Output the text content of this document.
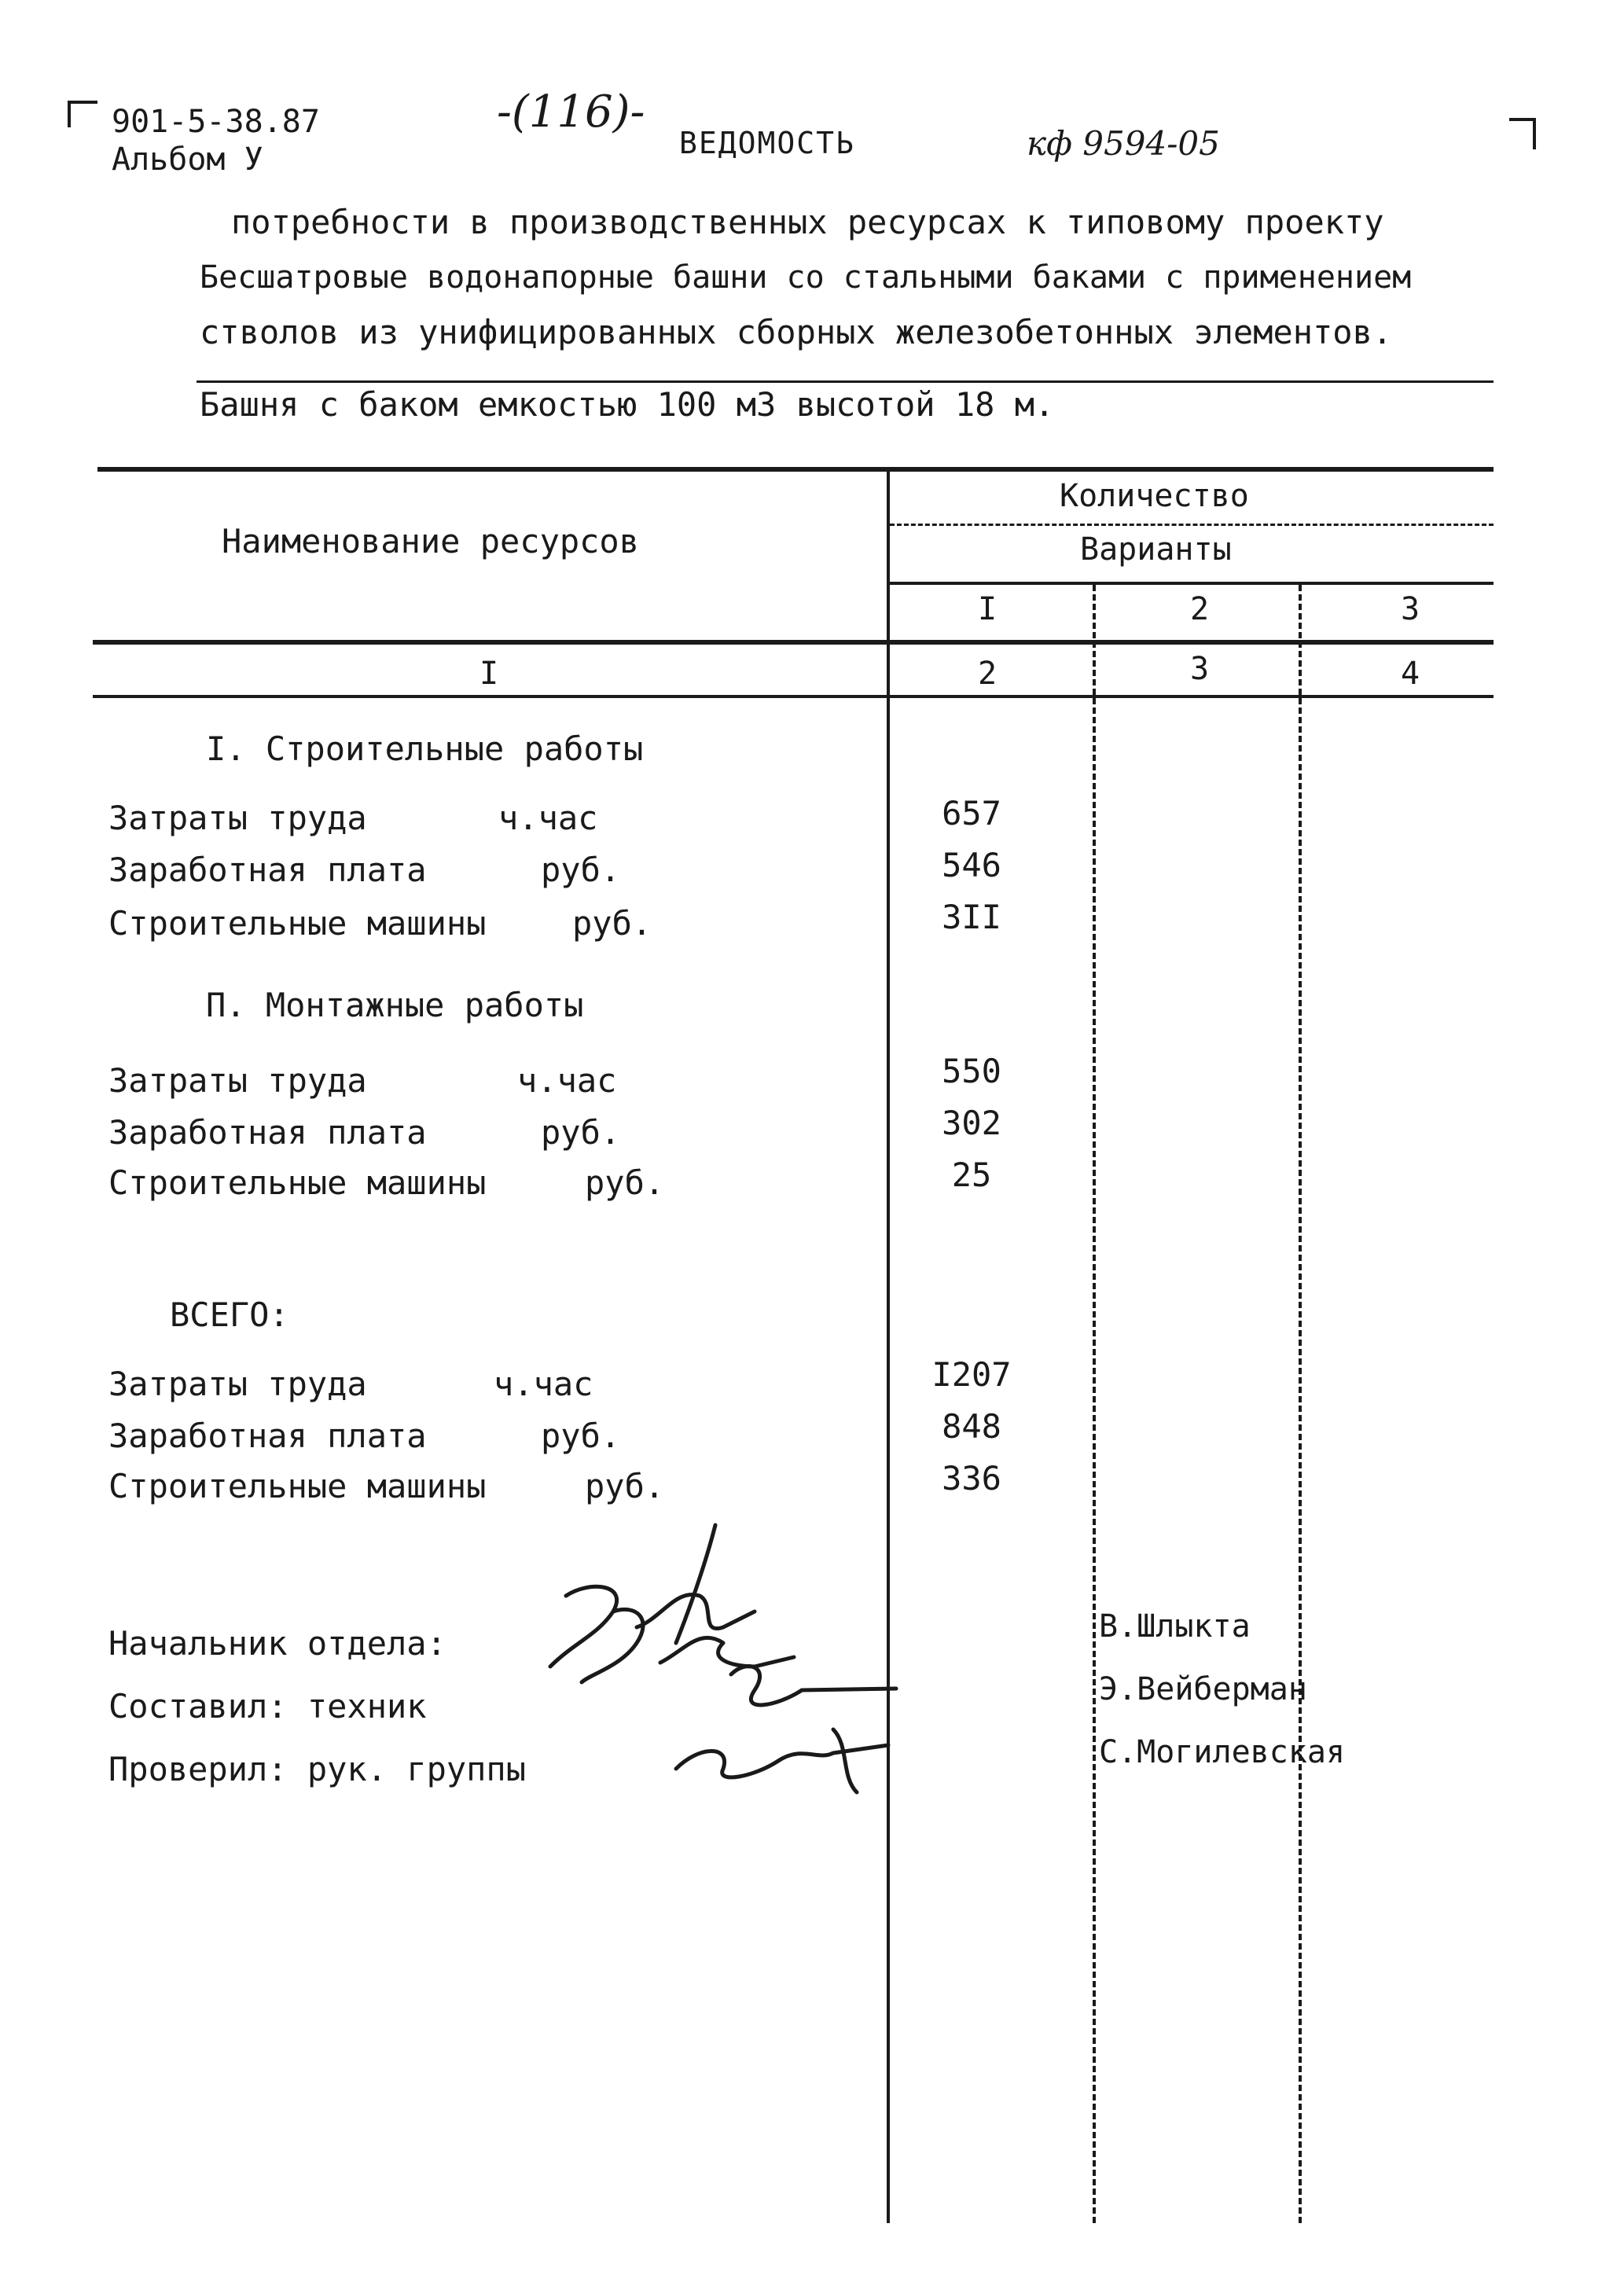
901-5-38.87
Альбом У
-(116)-
ВЕДОМОСТЬ	кф 9594-05
потребности в производственных ресурсах к типовому проекту
Бесшатровые водонапорные башни со стальными баками с применением
стволов из унифицированных сборных железобетонных элементов.
Башня с баком емкостью 100 м3 высотой 18 м.
Наименование ресурсов
Количество
Варианты
I	2	3
I	2	3	4
I. Строительные работы
Затраты труда	ч.час	657
Заработная плата	руб.	546
Строительные машины	руб.	3II
П. Монтажные работы
Затраты труда	ч.час	550
Заработная плата	руб.	302
Строительные машины	руб.	25
ВСЕГО:
Затраты труда	ч.час	I207
Заработная плата	руб.	848
Строительные машины	руб.	336
Начальник отдела:	В.Шлыкта
Составил: техник	Э.Вейберман
Проверил: рук. группы	С.Могилевская
